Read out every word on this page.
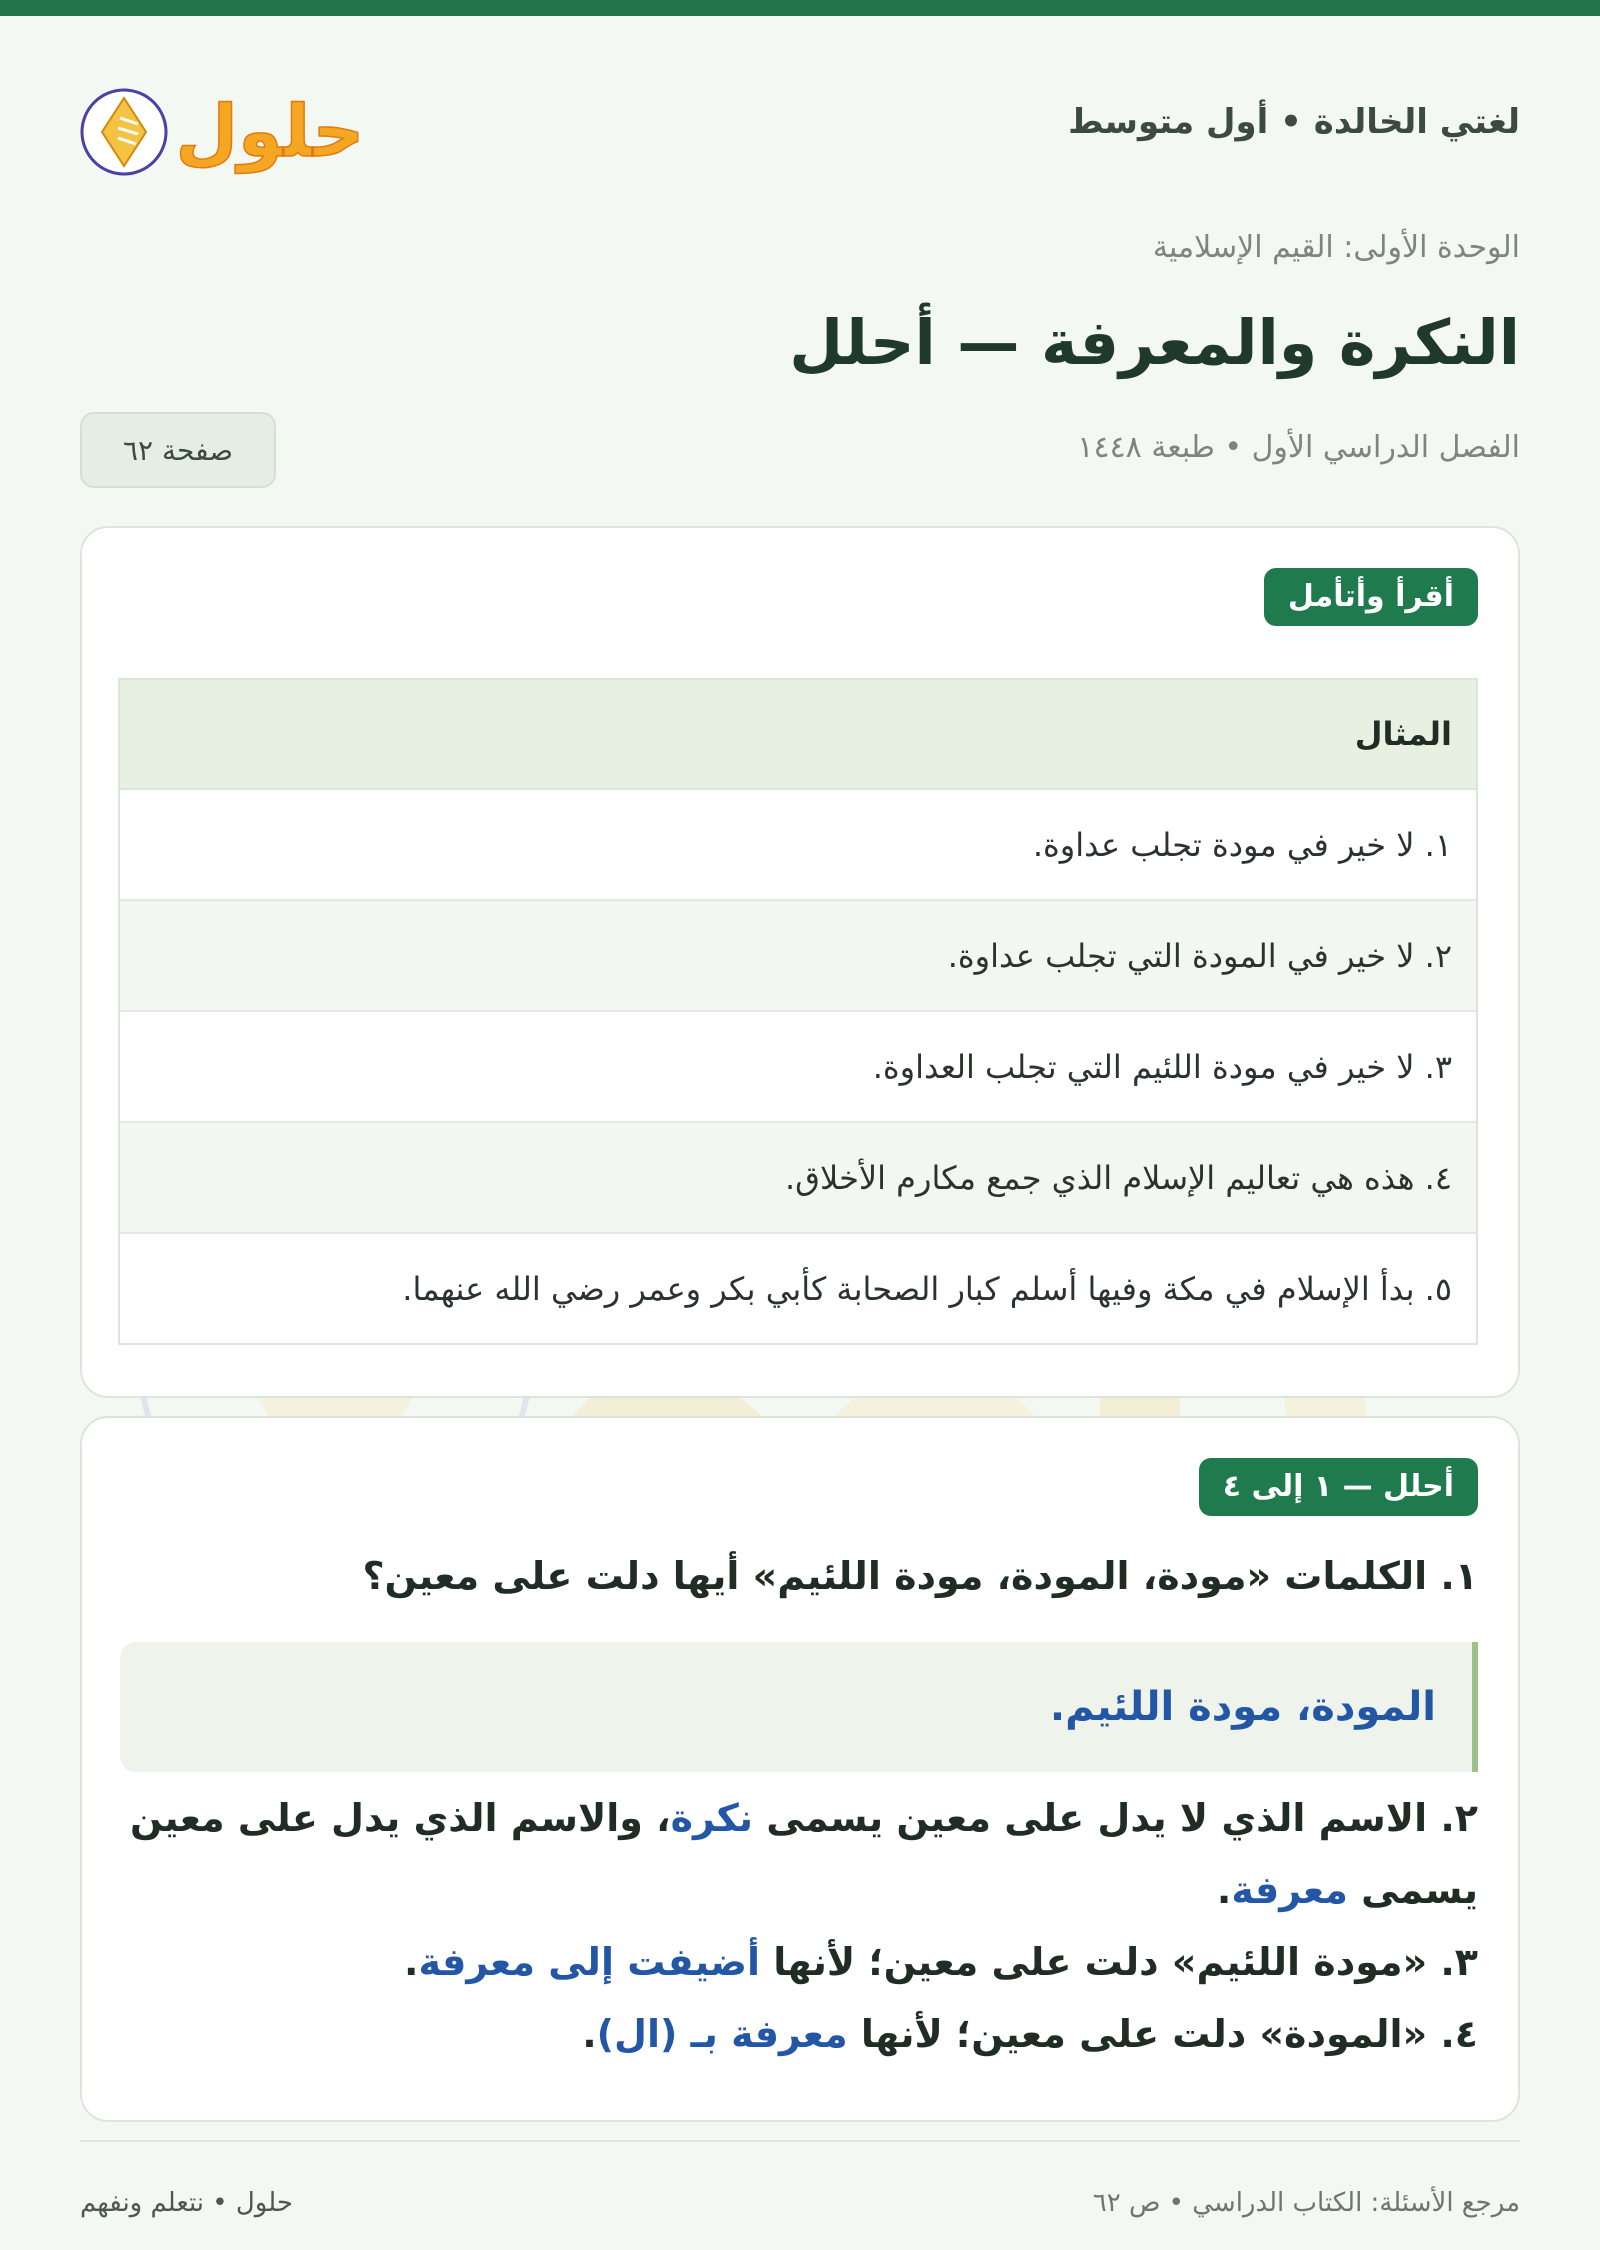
لغتي الخالدة • أول متوسط
حلول
الوحدة الأولى: القيم الإسلامية
النكرة والمعرفة — أحلل
الفصل الدراسي الأول • طبعة ١٤٤٨
صفحة ٦٢
أقرأ وأتأمل
المثال
١. لا خير في مودة تجلب عداوة.
٢. لا خير في المودة التي تجلب عداوة.
٣. لا خير في مودة اللئيم التي تجلب العداوة.
٤. هذه هي تعاليم الإسلام الذي جمع مكارم الأخلاق.
٥. بدأ الإسلام في مكة وفيها أسلم كبار الصحابة كأبي بكر وعمر رضي الله عنهما.
أحلل — ١ إلى ٤
١. الكلمات «مودة، المودة، مودة اللئيم» أيها دلت على معين؟
المودة، مودة اللئيم.
٢. الاسم الذي لا يدل على معين يسمى نكرة، والاسم الذي يدل على معين يسمى معرفة.
٣. «مودة اللئيم» دلت على معين؛ لأنها أضيفت إلى معرفة.
٤. «المودة» دلت على معين؛ لأنها معرفة بـ (ال).
مرجع الأسئلة: الكتاب الدراسي • ص ٦٢
حلول • نتعلم ونفهم
